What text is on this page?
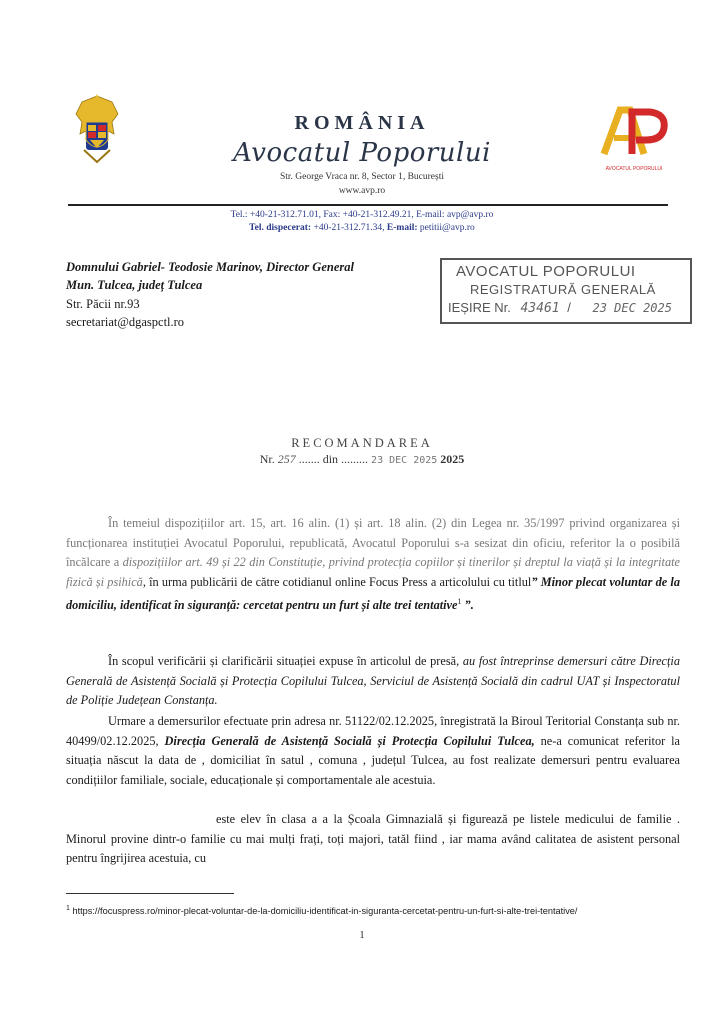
ROMÂNIA
Avocatul Poporului
Str. George Vraca nr. 8, Sector 1, București
www.avp.ro
AVOCATUL POPORULUI
Tel.: +40-21-312.71.01, Fax: +40-21-312.49.21, E-mail: avp@avp.ro
Tel. dispecerat: +40-21-312.71.34, E-mail: petitii@avp.ro
Domnului Gabriel- Teodosie Marinov, Director General
Mun. Tulcea, județ Tulcea
Str. Păcii nr.93
secretariat@dgaspctl.ro
AVOCATUL POPORULUI
REGISTRATURĂ GENERALĂ
IEȘIRE Nr. 43461 / 23 DEC 2025
RECOMANDAREA
Nr. 257 ....... din ......... 23 DEC 2025 2025

În temeiul dispozițiilor art. 15, art. 16 alin. (1) și art. 18 alin. (2) din Legea nr. 35/1997 privind organizarea și funcționarea instituției Avocatul Poporului, republicată, Avocatul Poporului s-a sesizat din oficiu, referitor la o posibilă încălcare a dispozițiilor art. 49 și 22 din Constituție, privind protecția copiilor și tinerilor și dreptul la viață și la integritate fizică și psihică, în urma publicării de către cotidianul online Focus Press a articolului cu titlul” Minor plecat voluntar de la domiciliu, identificat în siguranță: cercetat pentru un furt și alte trei tentative$^1$ ”.

În scopul verificării și clarificării situației expuse în articolul de presă, au fost întreprinse demersuri către Direcția Generală de Asistență Socială și Protecția Copilului Tulcea, Serviciul de Asistență Socială din cadrul UAT și Inspectoratul de Poliție Județean Constanța.

Urmare a demersurilor efectuate prin adresa nr. 51122/02.12.2025, înregistrată la Biroul Teritorial Constanța sub nr. 40499/02.12.2025, Direcția Generală de Asistență Socială și Protecția Copilului Tulcea, ne-a comunicat referitor la situația născut la data de , domiciliat în satul , comuna , județul Tulcea, au fost realizate demersuri pentru evaluarea condițiilor familiale, sociale, educaționale și comportamentale ale acestuia.

este elev în clasa a a la Școala Gimnazială și figurează pe listele medicului de familie . Minorul provine dintr-o familie cu mai mulți frați, toți majori, tatăl fiind , iar mama având calitatea de asistent personal pentru îngrijirea acestuia, cu

$^1$ https://focuspress.ro/minor-plecat-voluntar-de-la-domiciliu-identificat-in-siguranta-cercetat-pentru-un-furt-si-alte-trei-tentative/
1
